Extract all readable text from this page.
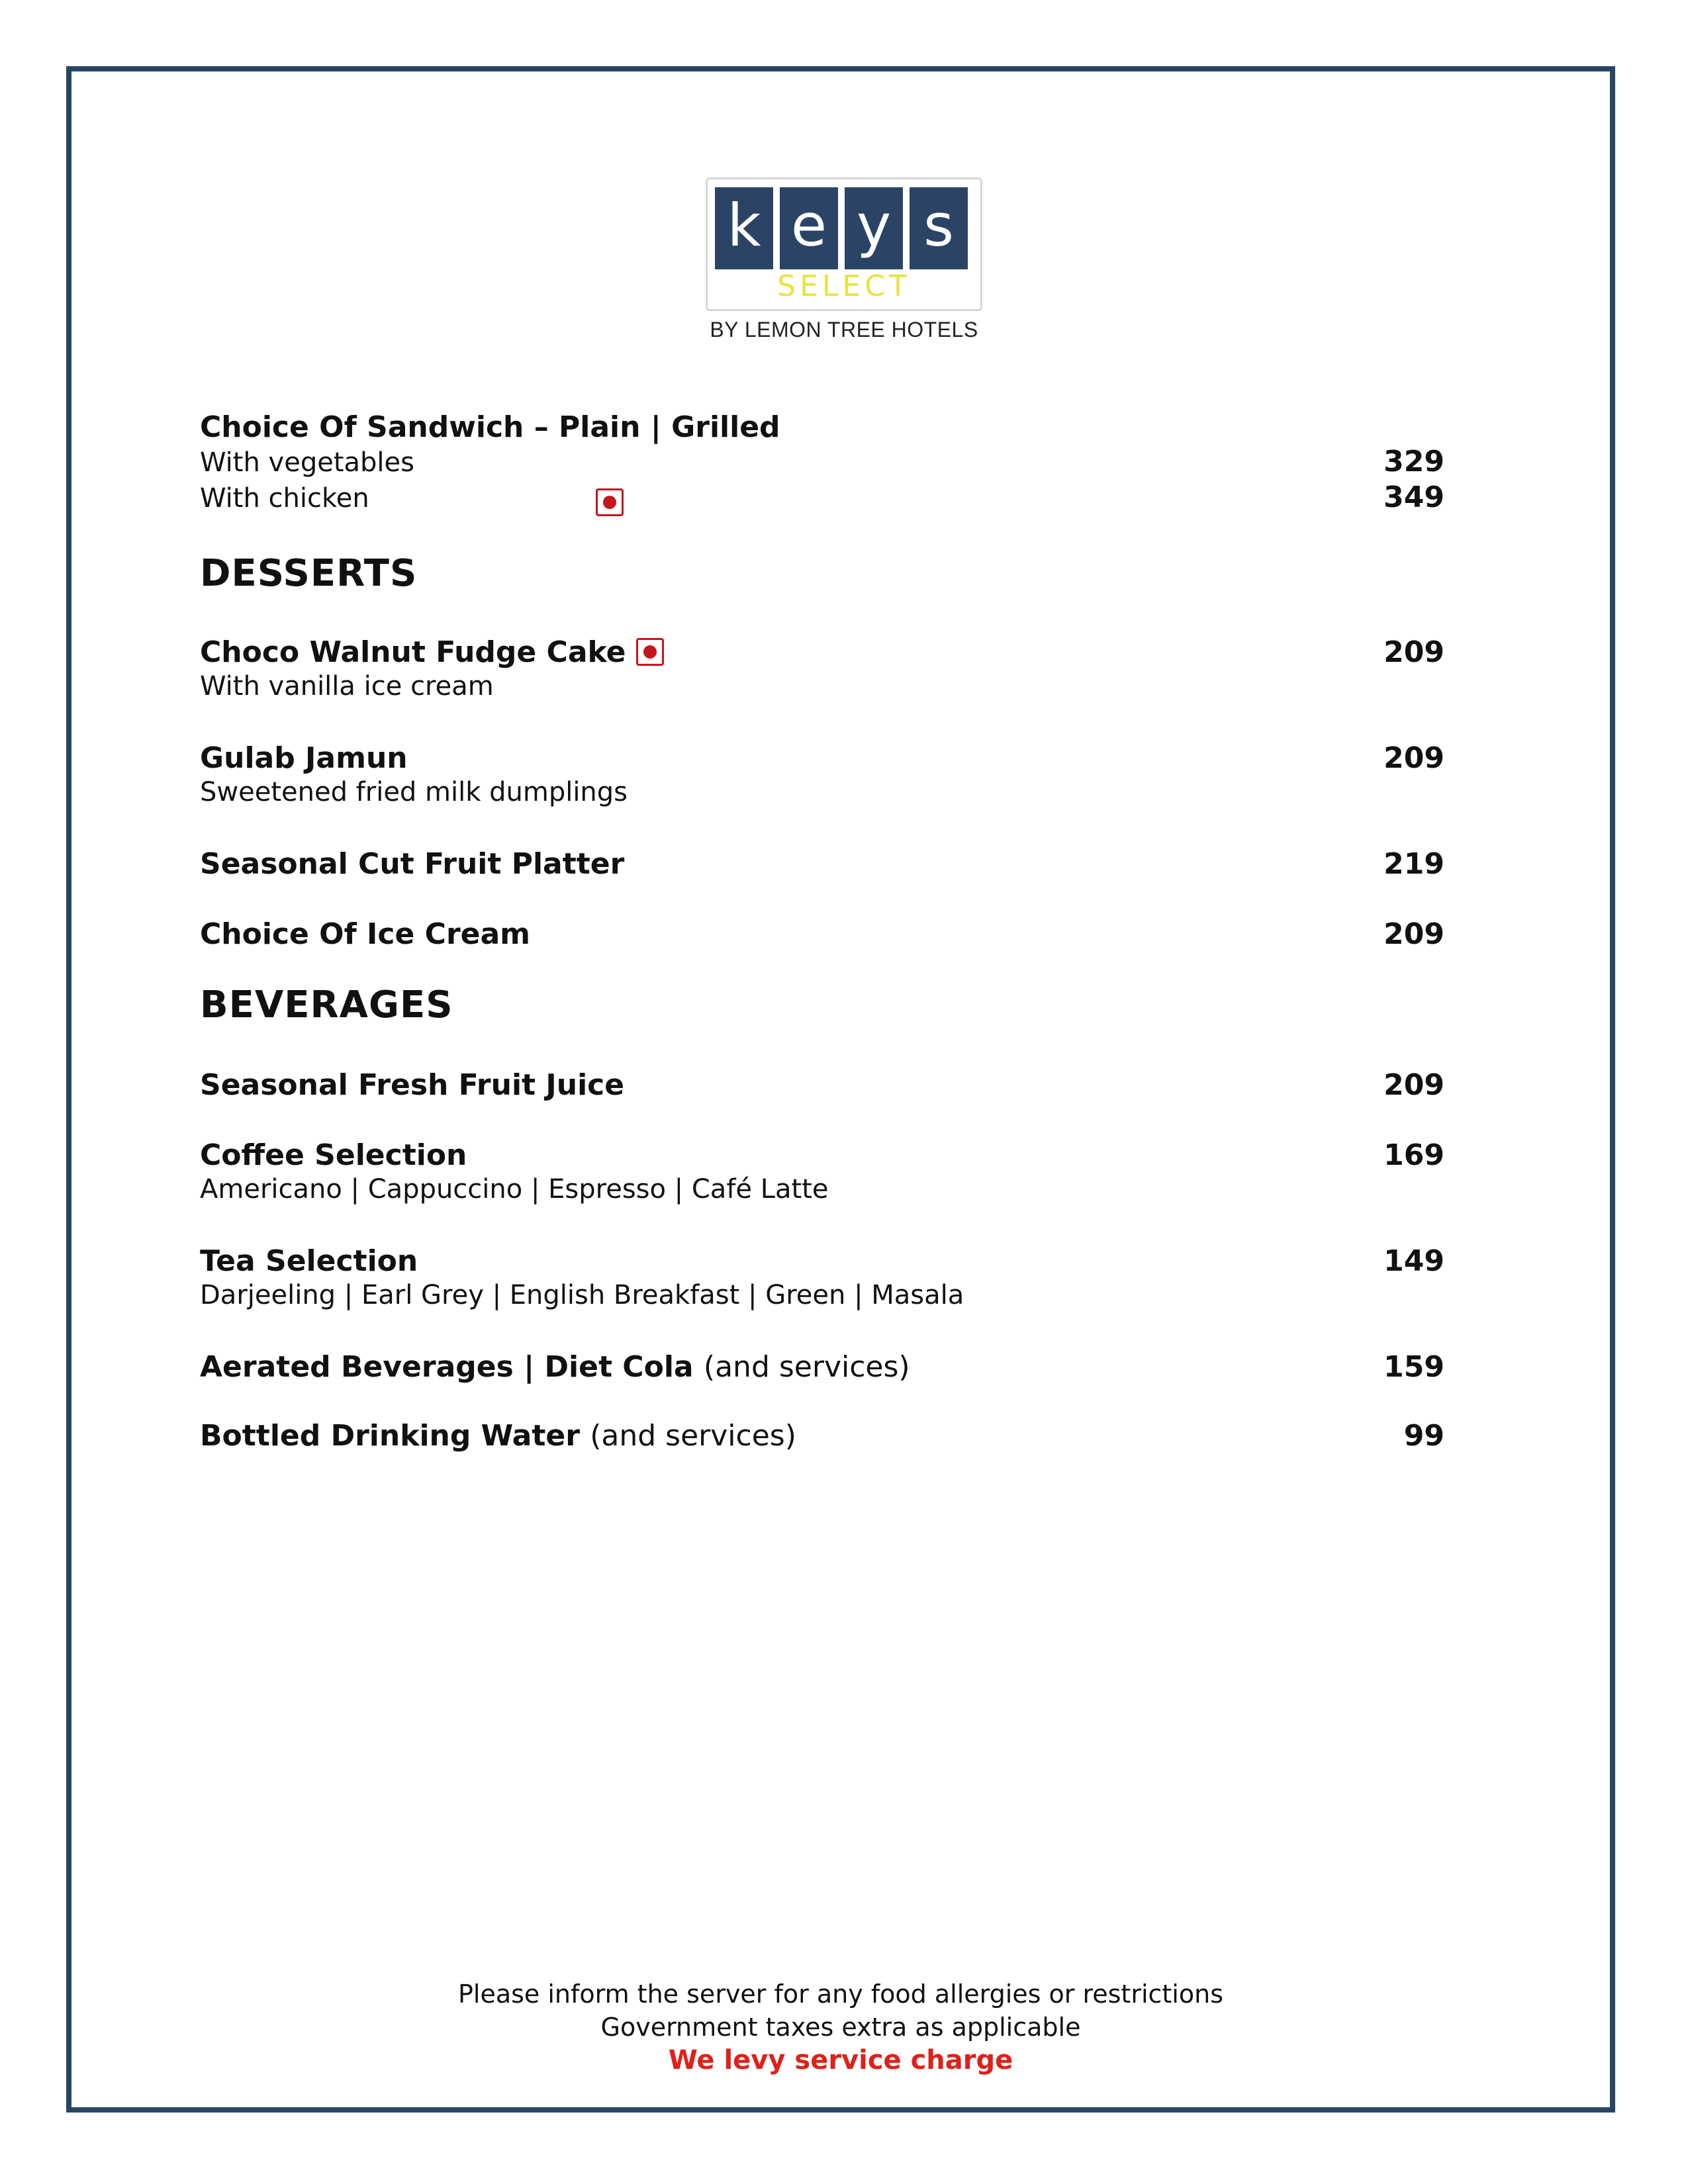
k e y s
SELECT
BY LEMON TREE HOTELS
Choice Of Sandwich – Plain | Grilled
With vegetables	329
With chicken	349
DESSERTS
Choco Walnut Fudge Cake	209
With vanilla ice cream
Gulab Jamun	209
Sweetened fried milk dumplings
Seasonal Cut Fruit Platter	219
Choice Of Ice Cream	209
BEVERAGES
Seasonal Fresh Fruit Juice	209
Coffee Selection	169
Americano | Cappuccino | Espresso | Café Latte
Tea Selection	149
Darjeeling | Earl Grey | English Breakfast | Green | Masala
Aerated Beverages | Diet Cola (and services)	159
Bottled Drinking Water (and services)	99
Please inform the server for any food allergies or restrictions
Government taxes extra as applicable
We levy service charge
